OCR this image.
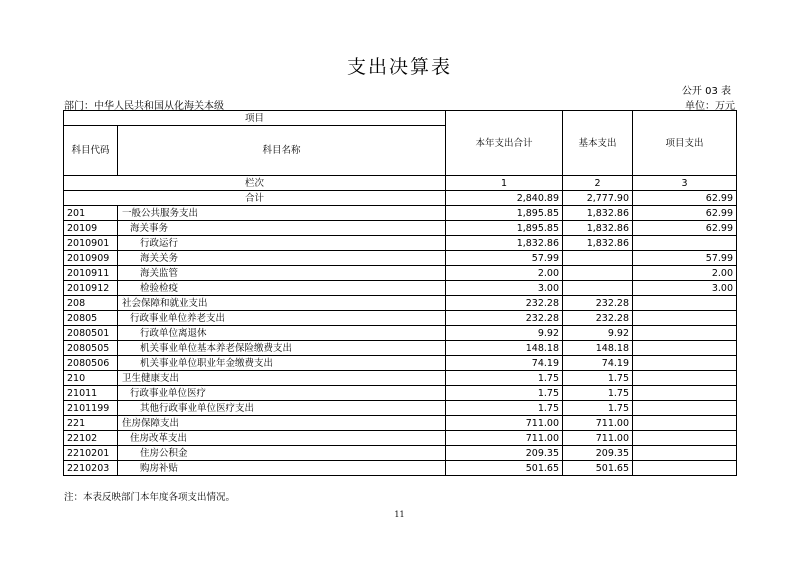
支出决算表
公开 03 表
部门：中华人民共和国从化海关本级	单位：万元
项目		本年支出合计	基本支出	项目支出
科目代码	科目名称			

栏次		1	2	3
合计		2,840.89	2,777.90	62.99
201	一般公共服务支出	1,895.85	1,832.86	62.99
20109	海关事务	1,895.85	1,832.86	62.99
2010901	行政运行	1,832.86	1,832.86	
2010909	海关关务	57.99		57.99
2010911	海关监管	2.00		2.00
2010912	检验检疫	3.00		3.00
208	社会保障和就业支出	232.28	232.28	
20805	行政事业单位养老支出	232.28	232.28	
2080501	行政单位离退休	9.92	9.92	
2080505	机关事业单位基本养老保险缴费支出	148.18	148.18	
2080506	机关事业单位职业年金缴费支出	74.19	74.19	
210	卫生健康支出	1.75	1.75	
21011	行政事业单位医疗	1.75	1.75	
2101199	其他行政事业单位医疗支出	1.75	1.75	
221	住房保障支出	711.00	711.00	
22102	住房改革支出	711.00	711.00	
2210201	住房公积金	209.35	209.35	
2210203	购房补贴	501.65	501.65	
注：本表反映部门本年度各项支出情况。
11
